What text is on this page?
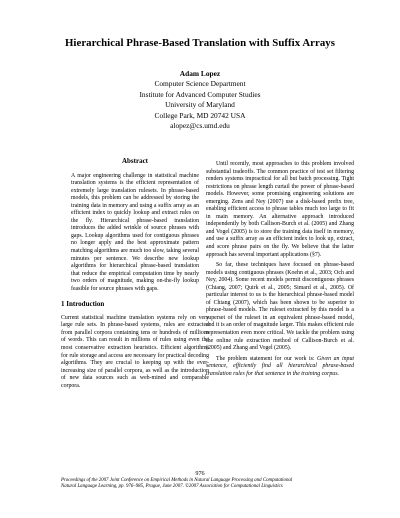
Hierarchical Phrase-Based Translation with Suffix Arrays
Adam Lopez
Computer Science Department
Institute for Advanced Computer Studies
University of Maryland
College Park, MD 20742 USA
alopez@cs.umd.edu
Abstract
A major engineering challenge in statistical machine translation systems is the efficient representation of extremely large translation rulesets. In phrase-based models, this problem can be addressed by storing the training data in memory and using a suffix array as an efficient index to quickly lookup and extract rules on the fly. Hierarchical phrase-based translation introduces the added wrinkle of source phrases with gaps. Lookup algorithms used for contiguous phrases no longer apply and the best approximate pattern matching algorithms are much too slow, taking several minutes per sentence. We describe new lookup algorithms for hierarchical phrase-based translation that reduce the empirical computation time by nearly two orders of magnitude, making on-the-fly lookup feasible for source phrases with gaps.
1 Introduction
Current statistical machine translation systems rely on very large rule sets. In phrase-based systems, rules are extracted from parallel corpora containing tens or hundreds of millions of words. This can result in millions of rules using even the most conservative extraction heuristics. Efficient algorithms for rule storage and access are necessary for practical decoding algorithms. They are crucial to keeping up with the ever-increasing size of parallel corpora, as well as the introduction of new data sources such as web-mined and comparable corpora.
Until recently, most approaches to this problem involved substantial tradeoffs. The common practice of test set filtering renders systems impractical for all but batch processing. Tight restrictions on phrase length curtail the power of phrase-based models. However, some promising engineering solutions are emerging. Zens and Ney (2007) use a disk-based prefix tree, enabling efficient access to phrase tables much too large to fit in main memory. An alternative approach introduced independently by both Callison-Burch et al. (2005) and Zhang and Vogel (2005) is to store the training data itself in memory, and use a suffix array as an efficient index to look up, extract, and score phrase pairs on the fly. We believe that the latter approach has several important applications (§7).
So far, these techniques have focused on phrase-based models using contiguous phrases (Koehn et al., 2003; Och and Ney, 2004). Some recent models permit discontiguous phrases (Chiang, 2007; Quirk et al., 2005; Simard et al., 2005). Of particular interest to us is the hierarchical phrase-based model of Chiang (2007), which has been shown to be superior to phrase-based models. The ruleset extracted by this model is a superset of the ruleset in an equivalent phrase-based model, and it is an order of magnitude larger. This makes efficient rule representation even more critical. We tackle the problem using the online rule extraction method of Callison-Burch et al. (2005) and Zhang and Vogel (2005).
The problem statement for our work is: Given an input sentence, efficiently find all hierarchical phrase-based translation rules for that sentence in the training corpus.
976
Proceedings of the 2007 Joint Conference on Empirical Methods in Natural Language Processing and Computational
Natural Language Learning, pp. 976–985, Prague, June 2007. ©2007 Association for Computational Linguistics
